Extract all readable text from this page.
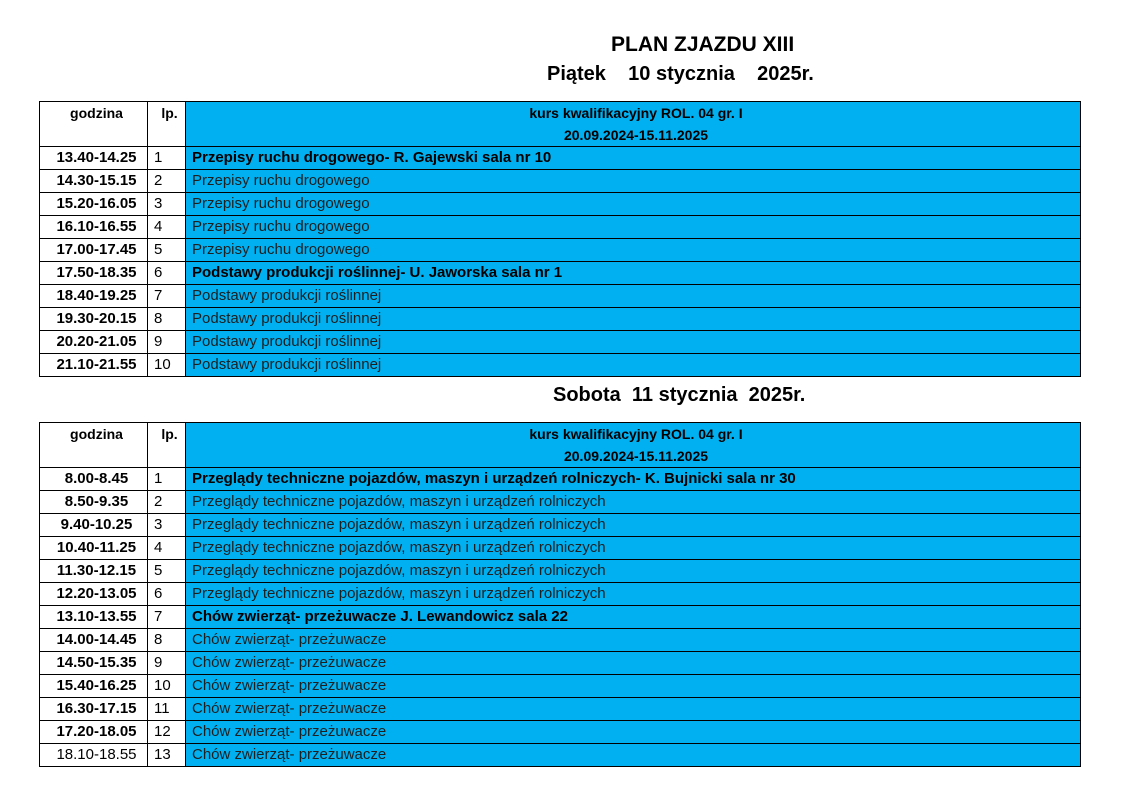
PLAN ZJAZDU XIII
Piątek    10 stycznia    2025r.
godzina	lp.	kurs kwalifikacyjny ROL. 04 gr. I
		20.09.2024-15.11.2025
13.40-14.25	1	Przepisy ruchu drogowego- R. Gajewski sala nr 10
14.30-15.15	2	Przepisy ruchu drogowego
15.20-16.05	3	Przepisy ruchu drogowego
16.10-16.55	4	Przepisy ruchu drogowego
17.00-17.45	5	Przepisy ruchu drogowego
17.50-18.35	6	Podstawy produkcji roślinnej- U. Jaworska sala nr 1
18.40-19.25	7	Podstawy produkcji roślinnej
19.30-20.15	8	Podstawy produkcji roślinnej
20.20-21.05	9	Podstawy produkcji roślinnej
21.10-21.55	10	Podstawy produkcji roślinnej
Sobota  11 stycznia  2025r.
godzina	lp.	kurs kwalifikacyjny ROL. 04 gr. I
		20.09.2024-15.11.2025
8.00-8.45	1	Przeglądy techniczne pojazdów, maszyn i urządzeń rolniczych- K. Bujnicki sala nr 30
8.50-9.35	2	Przeglądy techniczne pojazdów, maszyn i urządzeń rolniczych
9.40-10.25	3	Przeglądy techniczne pojazdów, maszyn i urządzeń rolniczych
10.40-11.25	4	Przeglądy techniczne pojazdów, maszyn i urządzeń rolniczych
11.30-12.15	5	Przeglądy techniczne pojazdów, maszyn i urządzeń rolniczych
12.20-13.05	6	Przeglądy techniczne pojazdów, maszyn i urządzeń rolniczych
13.10-13.55	7	Chów zwierząt- przeżuwacze J. Lewandowicz sala 22
14.00-14.45	8	Chów zwierząt- przeżuwacze
14.50-15.35	9	Chów zwierząt- przeżuwacze
15.40-16.25	10	Chów zwierząt- przeżuwacze
16.30-17.15	11	Chów zwierząt- przeżuwacze
17.20-18.05	12	Chów zwierząt- przeżuwacze
18.10-18.55	13	Chów zwierząt- przeżuwacze
